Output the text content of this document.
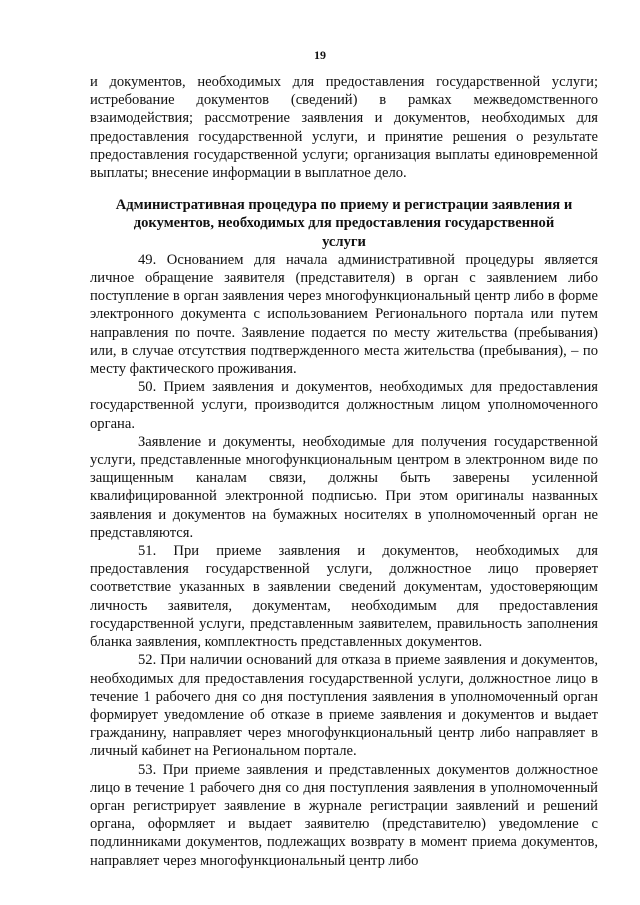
19

и документов, необходимых для предоставления государственной услуги; истребование документов (сведений) в рамках межведомственного взаимодействия; рассмотрение заявления и документов, необходимых для предоставления государственной услуги, и принятие решения о результате предоставления государственной услуги; организация выплаты единовременной выплаты; внесение информации в выплатное дело.

Административная процедура по приему и регистрации заявления и документов, необходимых для предоставления государственной услуги

49. Основанием для начала административной процедуры является личное обращение заявителя (представителя) в орган с заявлением либо поступление в орган заявления через многофункциональный центр либо в форме электронного документа с использованием Регионального портала или путем направления по почте. Заявление подается по месту жительства (пребывания) или, в случае отсутствия подтвержденного места жительства (пребывания), – по месту фактического проживания.

50. Прием заявления и документов, необходимых для предоставления государственной услуги, производится должностным лицом уполномоченного органа.

Заявление и документы, необходимые для получения государственной услуги, представленные многофункциональным центром в электронном виде по защищенным каналам связи, должны быть заверены усиленной квалифицированной электронной подписью. При этом оригиналы названных заявления и документов на бумажных носителях в уполномоченный орган не представляются.

51. При приеме заявления и документов, необходимых для предоставления государственной услуги, должностное лицо проверяет соответствие указанных в заявлении сведений документам, удостоверяющим личность заявителя, документам, необходимым для предоставления государственной услуги, представленным заявителем, правильность заполнения бланка заявления, комплектность представленных документов.

52. При наличии оснований для отказа в приеме заявления и документов, необходимых для предоставления государственной услуги, должностное лицо в течение 1 рабочего дня со дня поступления заявления в уполномоченный орган формирует уведомление об отказе в приеме заявления и документов и выдает гражданину, направляет через многофункциональный центр либо направляет в личный кабинет на Региональном портале.

53. При приеме заявления и представленных документов должностное лицо в течение 1 рабочего дня со дня поступления заявления в уполномоченный орган регистрирует заявление в журнале регистрации заявлений и решений органа, оформляет и выдает заявителю (представителю) уведомление с подлинниками документов, подлежащих возврату в момент приема документов, направляет через многофункциональный центр либо
